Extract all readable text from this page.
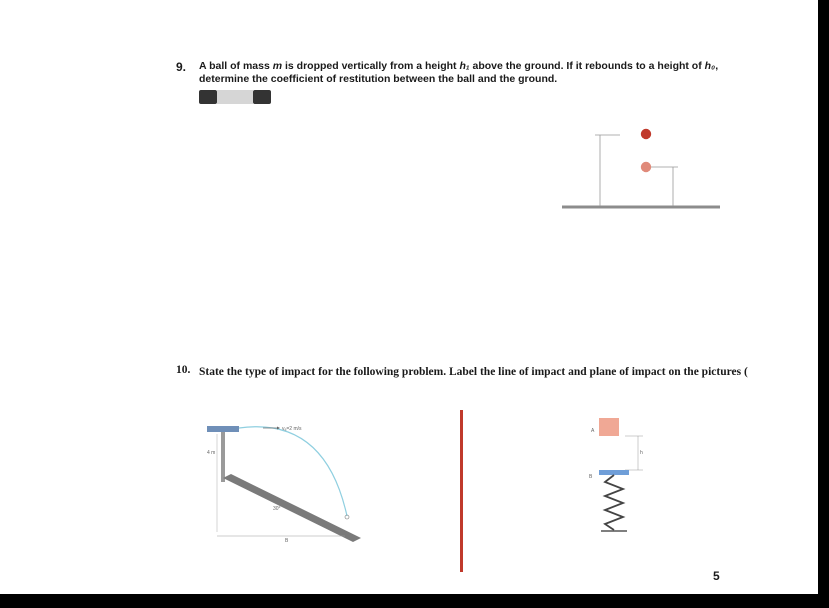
9. A ball of mass m is dropped vertically from a height h₁ above the ground. If it rebounds to a height of h₀, determine the coefficient of restitution between the ball and the ground.
10. State the type of impact for the following problem. Label the line of impact and plane of impact on the pictures (
vₐ=2 m/s
4 m
30°
B
A
h
B
5
